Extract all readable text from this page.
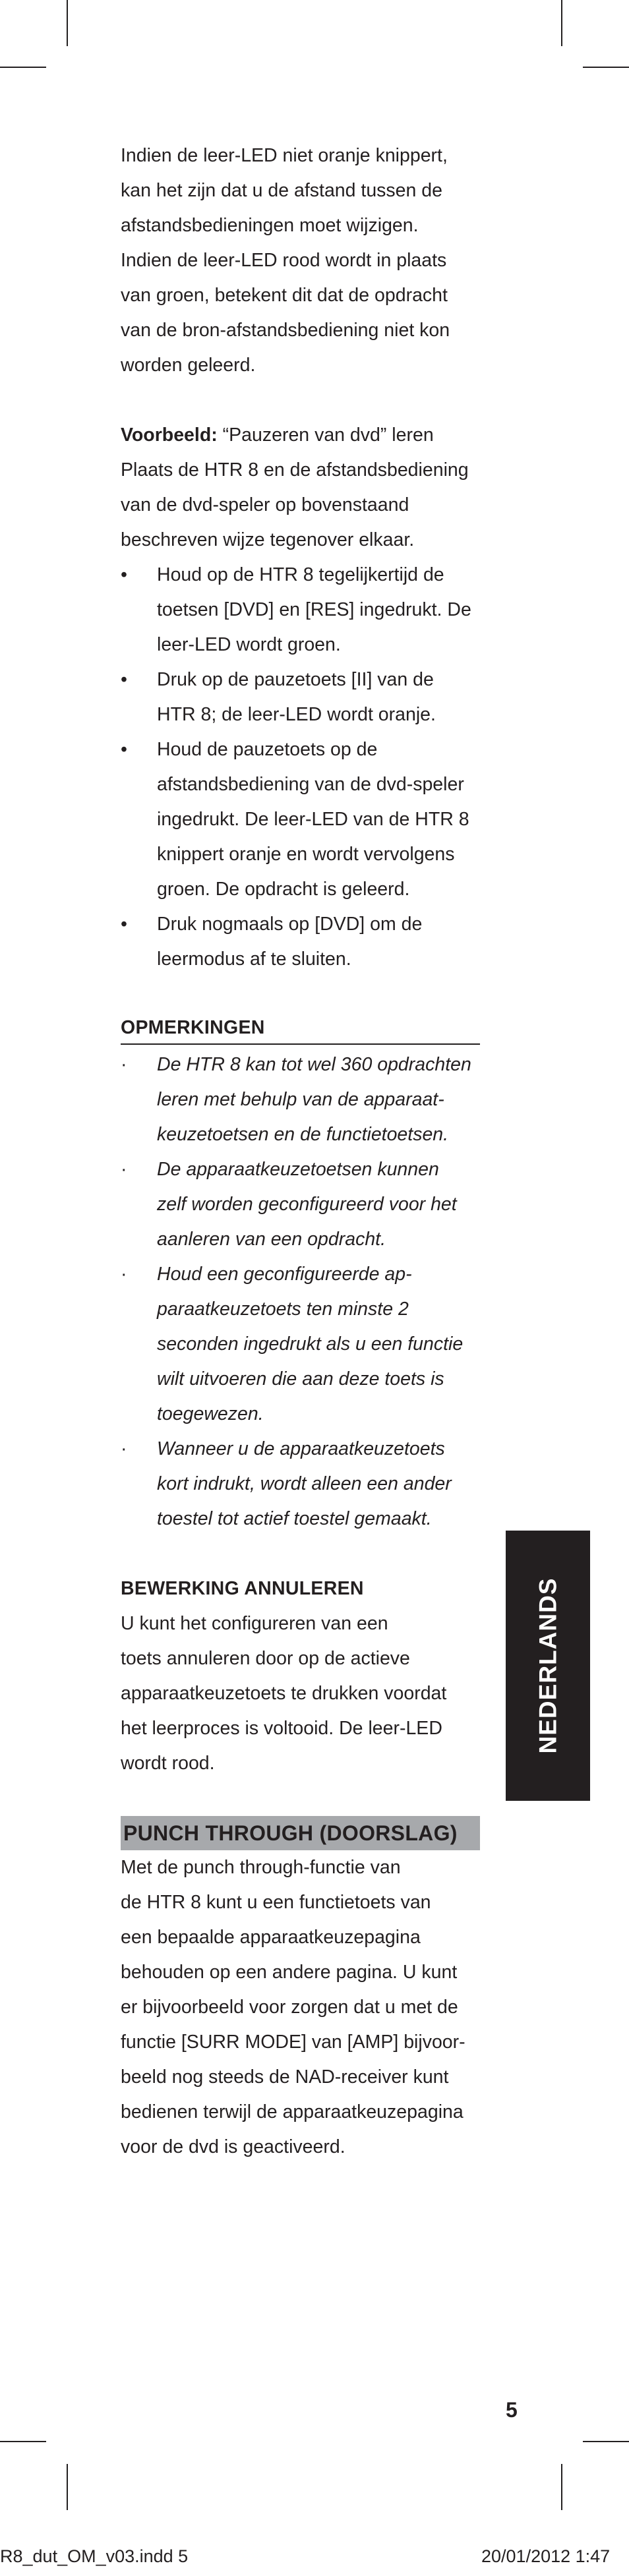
Indien de leer-LED niet oranje knippert,

kan het zijn dat u de afstand tussen de

afstandsbedieningen moet wijzigen.

Indien de leer-LED rood wordt in plaats

van groen, betekent dit dat de opdracht

van de bron-afstandsbediening niet kon

worden geleerd.

Voorbeeld: “Pauzeren van dvd” leren

Plaats de HTR 8 en de afstandsbediening

van de dvd-speler op bovenstaand

beschreven wijze tegenover elkaar.

•	Houd op de HTR 8 tegelijkertijd de
toetsen [DVD] en [RES] ingedrukt. De
leer-LED wordt groen.
•	Druk op de pauzetoets [II] van de
HTR 8; de leer-LED wordt oranje.
•	Houd de pauzetoets op de
afstandsbediening van de dvd-speler
ingedrukt. De leer-LED van de HTR 8
knippert oranje en wordt vervolgens
groen. De opdracht is geleerd.
•	Druk nogmaals op [DVD] om de
leermodus af te sluiten.
OPMERKINGEN
·	De HTR 8 kan tot wel 360 opdrachten
leren met behulp van de apparaat-
keuzetoetsen en de functietoetsen.
·	De apparaatkeuzetoetsen kunnen
zelf worden geconfigureerd voor het
aanleren van een opdracht.
·	Houd een geconfigureerde ap-
paraatkeuzetoets ten minste 2
seconden ingedrukt als u een functie
wilt uitvoeren die aan deze toets is
toegewezen.
·	Wanneer u de apparaatkeuzetoets
kort indrukt, wordt alleen een ander
toestel tot actief toestel gemaakt.
BEWERKING ANNULEREN

U kunt het configureren van een

toets annuleren door op de actieve

apparaatkeuzetoets te drukken voordat

het leerproces is voltooid. De leer-LED

wordt rood.

PUNCH THROUGH (DOORSLAG)

Met de punch through-functie van

de HTR 8 kunt u een functietoets van

een bepaalde apparaatkeuzepagina

behouden op een andere pagina. U kunt

er bijvoorbeeld voor zorgen dat u met de

functie [SURR MODE] van [AMP] bijvoor-

beeld nog steeds de NAD-receiver kunt

bedienen terwijl de apparaatkeuzepagina

voor de dvd is geactiveerd.

NEDERLANDS
5
R8_dut_OM_v03.indd 5	20/01/2012 1:47
